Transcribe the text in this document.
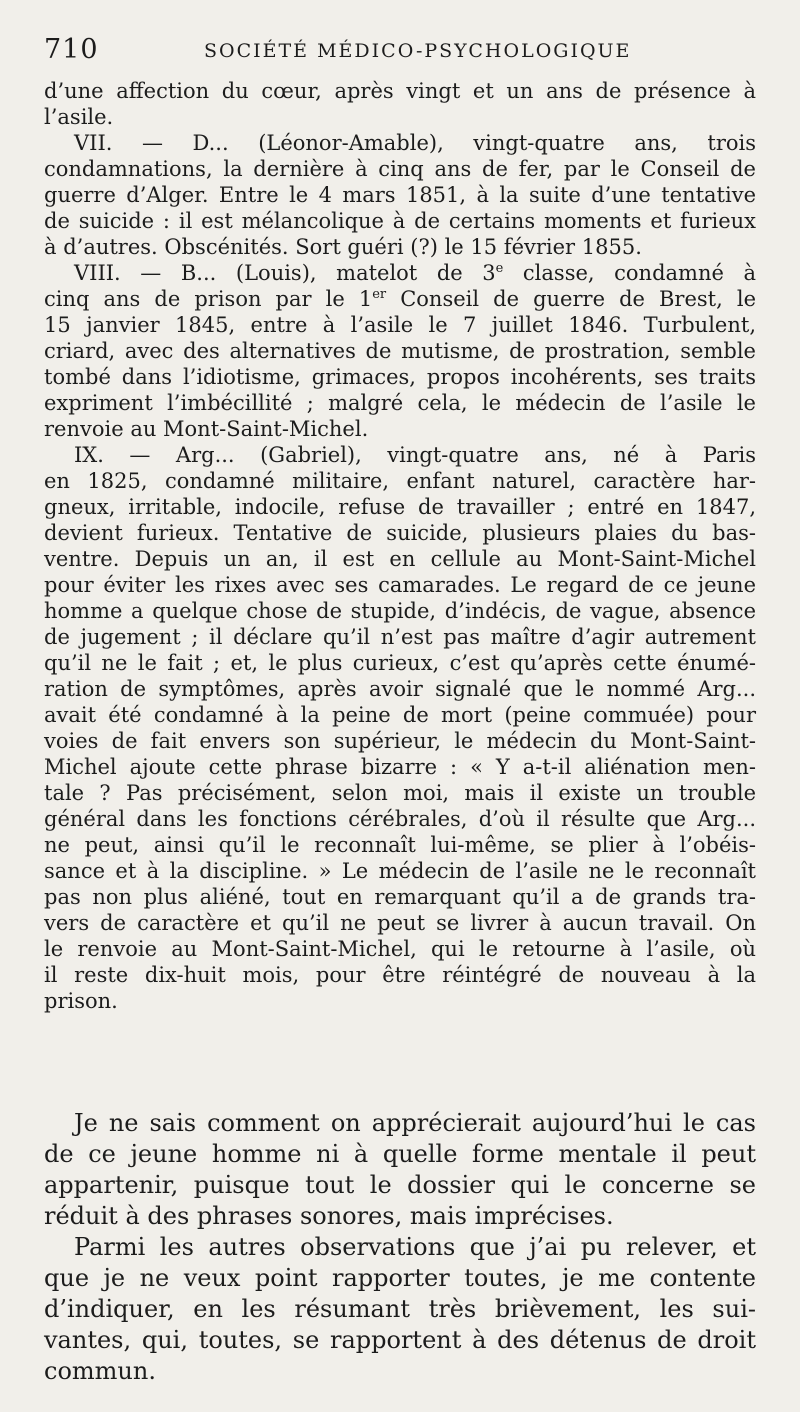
710	SOCIÉTÉ MÉDICO-PSYCHOLOGIQUE
d’une affection du cœur, après vingt et un ans de présence à
l’asile.
VII. — D... (Léonor-Amable), vingt-quatre ans, trois
condamnations, la dernière à cinq ans de fer, par le Conseil de
guerre d’Alger. Entre le 4 mars 1851, à la suite d’une tentative
de suicide : il est mélancolique à de certains moments et furieux
à d’autres. Obscénités. Sort guéri (?) le 15 février 1855.
VIII. — B... (Louis), matelot de 3e classe, condamné à
cinq ans de prison par le 1er Conseil de guerre de Brest, le
15 janvier 1845, entre à l’asile le 7 juillet 1846. Turbulent,
criard, avec des alternatives de mutisme, de prostration, semble
tombé dans l’idiotisme, grimaces, propos incohérents, ses traits
expriment l’imbécillité ; malgré cela, le médecin de l’asile le
renvoie au Mont-Saint-Michel.
IX. — Arg... (Gabriel), vingt-quatre ans, né à Paris
en 1825, condamné militaire, enfant naturel, caractère har-
gneux, irritable, indocile, refuse de travailler ; entré en 1847,
devient furieux. Tentative de suicide, plusieurs plaies du bas-
ventre. Depuis un an, il est en cellule au Mont-Saint-Michel
pour éviter les rixes avec ses camarades. Le regard de ce jeune
homme a quelque chose de stupide, d’indécis, de vague, absence
de jugement ; il déclare qu’il n’est pas maître d’agir autrement
qu’il ne le fait ; et, le plus curieux, c’est qu’après cette énumé-
ration de symptômes, après avoir signalé que le nommé Arg...
avait été condamné à la peine de mort (peine commuée) pour
voies de fait envers son supérieur, le médecin du Mont-Saint-
Michel ajoute cette phrase bizarre : « Y a-t-il aliénation men-
tale ? Pas précisément, selon moi, mais il existe un trouble
général dans les fonctions cérébrales, d’où il résulte que Arg...
ne peut, ainsi qu’il le reconnaît lui-même, se plier à l’obéis-
sance et à la discipline. » Le médecin de l’asile ne le reconnaît
pas non plus aliéné, tout en remarquant qu’il a de grands tra-
vers de caractère et qu’il ne peut se livrer à aucun travail. On
le renvoie au Mont-Saint-Michel, qui le retourne à l’asile, où
il reste dix-huit mois, pour être réintégré de nouveau à la
prison.
Je ne sais comment on apprécierait aujourd’hui le cas
de ce jeune homme ni à quelle forme mentale il peut
appartenir, puisque tout le dossier qui le concerne se
réduit à des phrases sonores, mais imprécises.
Parmi les autres observations que j’ai pu relever, et
que je ne veux point rapporter toutes, je me contente
d’indiquer, en les résumant très brièvement, les sui-
vantes, qui, toutes, se rapportent à des détenus de droit
commun.
